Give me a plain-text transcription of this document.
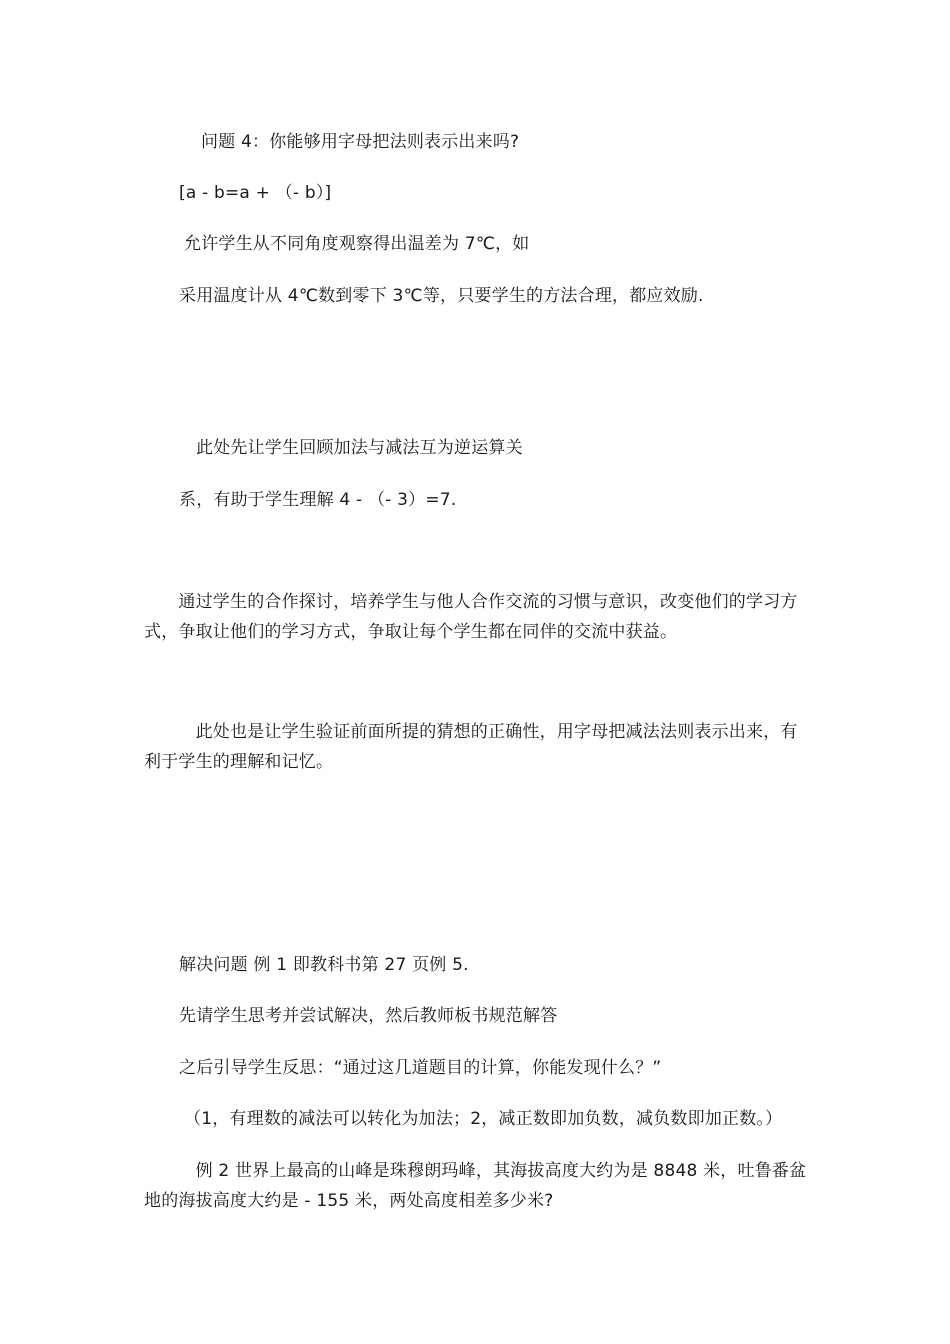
问题 4：你能够用字母把法则表示出来吗?
[a - b=a + （- b）]
允许学生从不同角度观察得出温差为 7℃，如
采用温度计从 4℃数到零下 3℃等，只要学生的方法合理，都应效励.
此处先让学生回顾加法与减法互为逆运算关
系，有助于学生理解 4 - （- 3）=7.
　　通过学生的合作探讨，培养学生与他人合作交流的习惯与意识，改变他们的学习方式，争取让他们的学习方式，争取让每个学生都在同伴的交流中获益。
　　　此处也是让学生验证前面所提的猜想的正确性，用字母把减法法则表示出来，有利于学生的理解和记忆。
解决问题 例 1 即教科书第 27 页例 5.
先请学生思考并尝试解决，然后教师板书规范解答
之后引导学生反思：“通过这几道题目的计算，你能发现什么？”
（1，有理数的减法可以转化为加法；2，减正数即加负数，减负数即加正数。）
　　　例 2 世界上最高的山峰是珠穆朗玛峰，其海拔高度大约为是 8848 米，吐鲁番盆地的海拔高度大约是 - 155 米，两处高度相差多少米?
